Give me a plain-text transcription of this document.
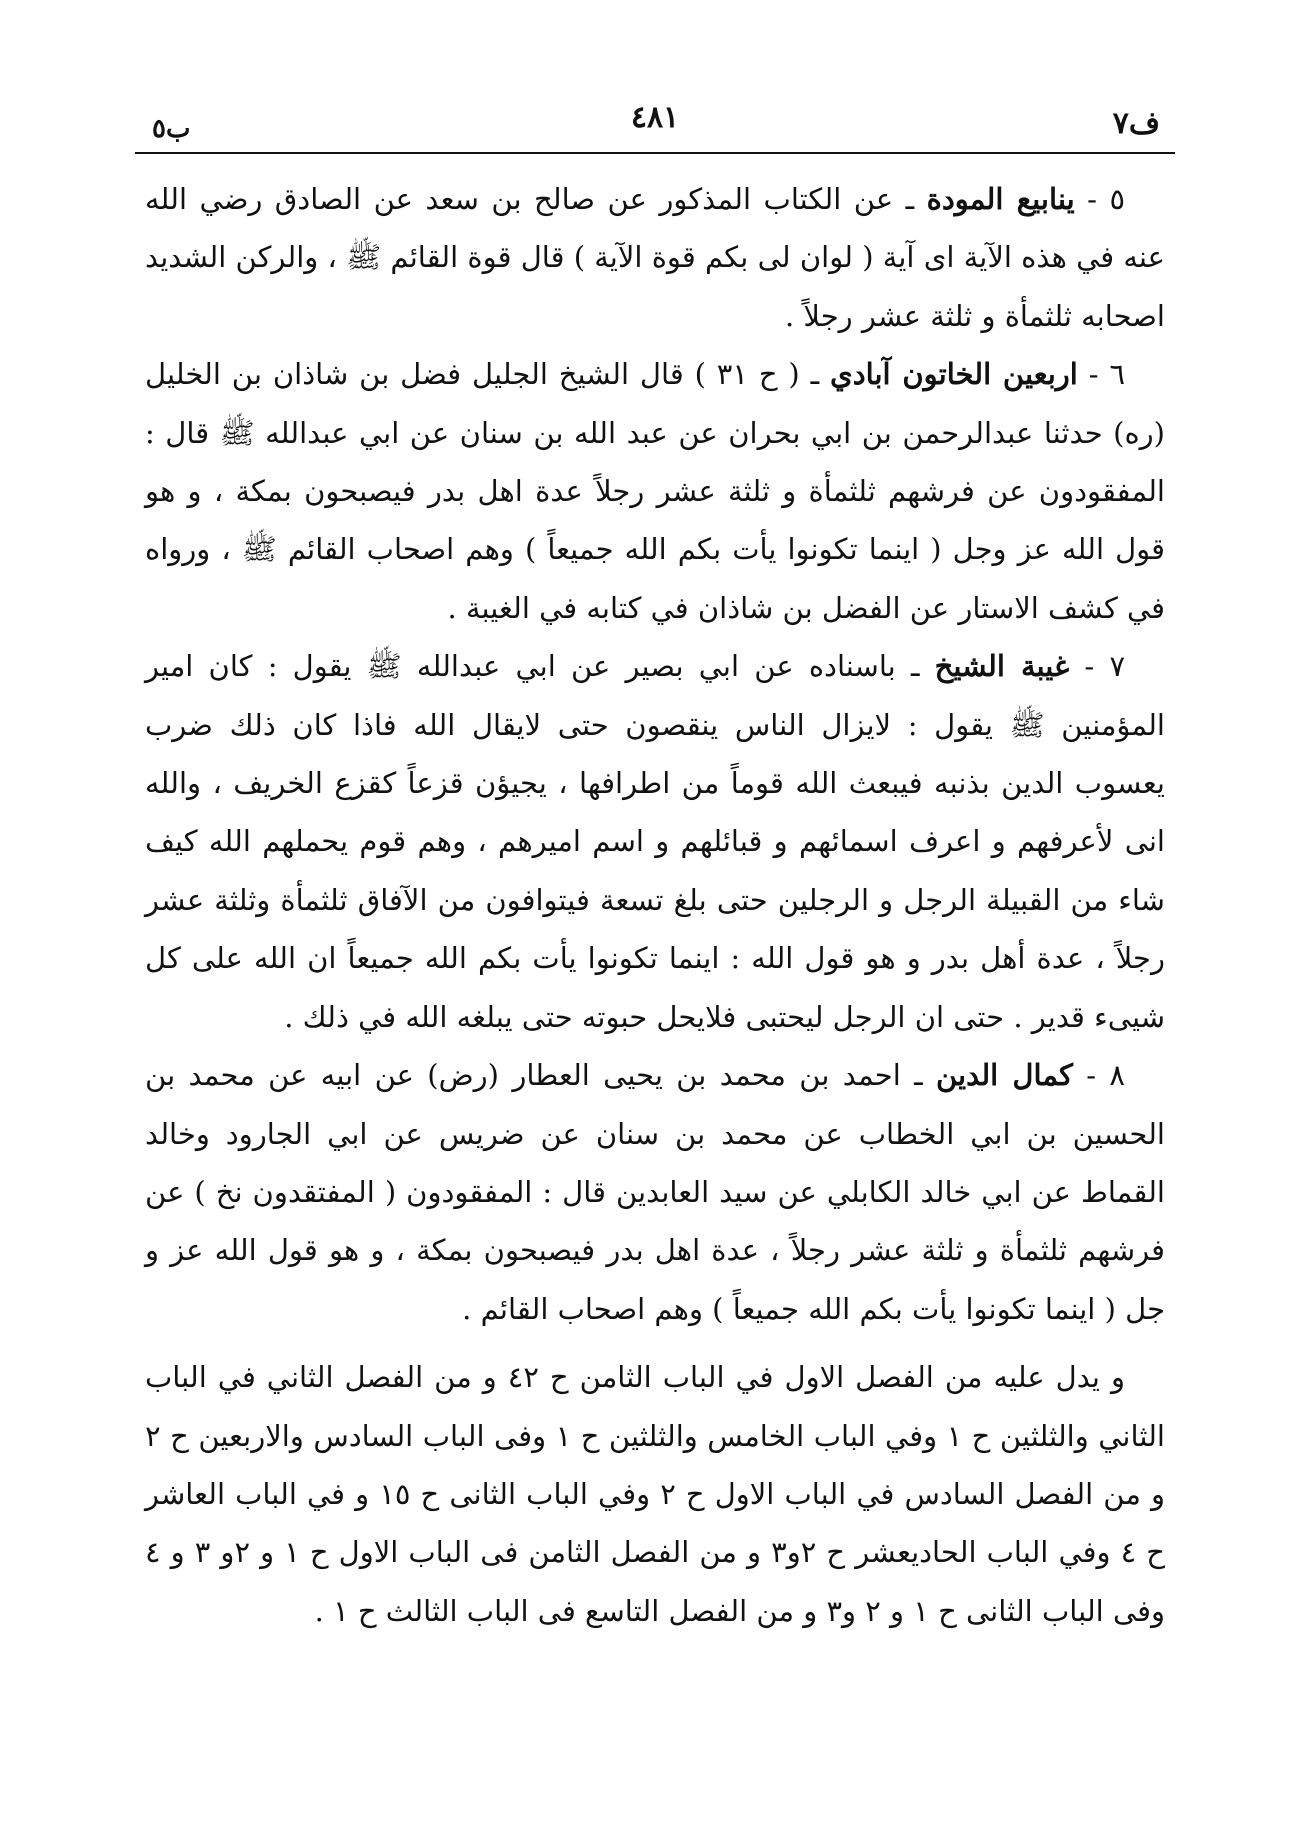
ف٧
٤٨١
ب٥

٥ - ينابيع المودة ـ عن الكتاب المذكور عن صالح بن سعد عن الصادق رضي الله عنه في هذه الآية اى آية ( لوان لى بكم قوة الآية ) قال قوة القائم ﷺ ، والركن الشديد اصحابه ثلثمأة و ثلثة عشر رجلاً .

٦ - اربعين الخاتون آبادي ـ ( ح ٣١ ) قال الشيخ الجليل فضل بن شاذان بن الخليل (ره) حدثنا عبدالرحمن بن ابي بحران عن عبد الله بن سنان عن ابي عبدالله ﷺ قال : المفقودون عن فرشهم ثلثمأة و ثلثة عشر رجلاً عدة اهل بدر فيصبحون بمكة ، و هو قول الله عز وجل ( اينما تكونوا يأت بكم الله جميعاً ) وهم اصحاب القائم ﷺ ، ورواه في كشف الاستار عن الفضل بن شاذان في كتابه في الغيبة .

٧ - غيبة الشيخ ـ باسناده عن ابي بصير عن ابي عبدالله ﷺ يقول : كان امير المؤمنين ﷺ يقول : لايزال الناس ينقصون حتى لايقال الله فاذا كان ذلك ضرب يعسوب الدين بذنبه فيبعث الله قوماً من اطرافها ، يجيؤن قزعاً كقزع الخريف ، والله انى لأعرفهم و اعرف اسمائهم و قبائلهم و اسم اميرهم ، وهم قوم يحملهم الله كيف شاء من القبيلة الرجل و الرجلين حتى بلغ تسعة فيتوافون من الآفاق ثلثمأة وثلثة عشر رجلاً ، عدة أهل بدر و هو قول الله : اينما تكونوا يأت بكم الله جميعاً ان الله على كل شيىء قدير . حتى ان الرجل ليحتبى فلايحل حبوته حتى يبلغه الله في ذلك .

٨ - كمال الدين ـ احمد بن محمد بن يحيى العطار (رض) عن ابيه عن محمد بن الحسين بن ابي الخطاب عن محمد بن سنان عن ضريس عن ابي الجارود وخالد القماط عن ابي خالد الكابلي عن سيد العابدين قال : المفقودون ( المفتقدون نخ ) عن فرشهم ثلثمأة و ثلثة عشر رجلاً ، عدة اهل بدر فيصبحون بمكة ، و هو قول الله عز و جل ( اينما تكونوا يأت بكم الله جميعاً ) وهم اصحاب القائم .

و يدل عليه من الفصل الاول في الباب الثامن ح ٤٢ و من الفصل الثاني في الباب الثاني والثلثين ح ١ وفي الباب الخامس والثلثين ح ١ وفى الباب السادس والاربعين ح ٢ و من الفصل السادس في الباب الاول ح ٢ وفي الباب الثانى ح ١٥ و في الباب العاشر ح ٤ وفي الباب الحاديعشر ح ٢و٣ و من الفصل الثامن فى الباب الاول ح ١ و ٢و ٣ و ٤ وفى الباب الثانى ح ١ و ٢ و٣ و من الفصل التاسع فى الباب الثالث ح ١ .
